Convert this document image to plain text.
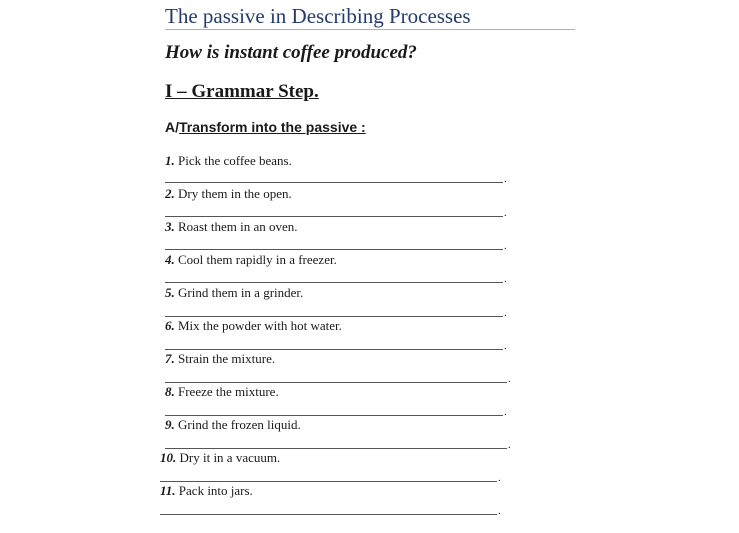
The passive in Describing Processes
How is instant coffee produced?
I – Grammar Step.
A/Transform into the passive :
1. Pick the coffee beans.
.
2. Dry them in the open.
.
3. Roast them in an oven.
.
4. Cool them rapidly in a freezer.
.
5. Grind them in a grinder.
.
6. Mix the powder with hot water.
.
7. Strain the mixture.
.
8. Freeze the mixture.
.
9. Grind the frozen liquid.
.
10. Dry it in a vacuum.
.
11. Pack into jars.
.
